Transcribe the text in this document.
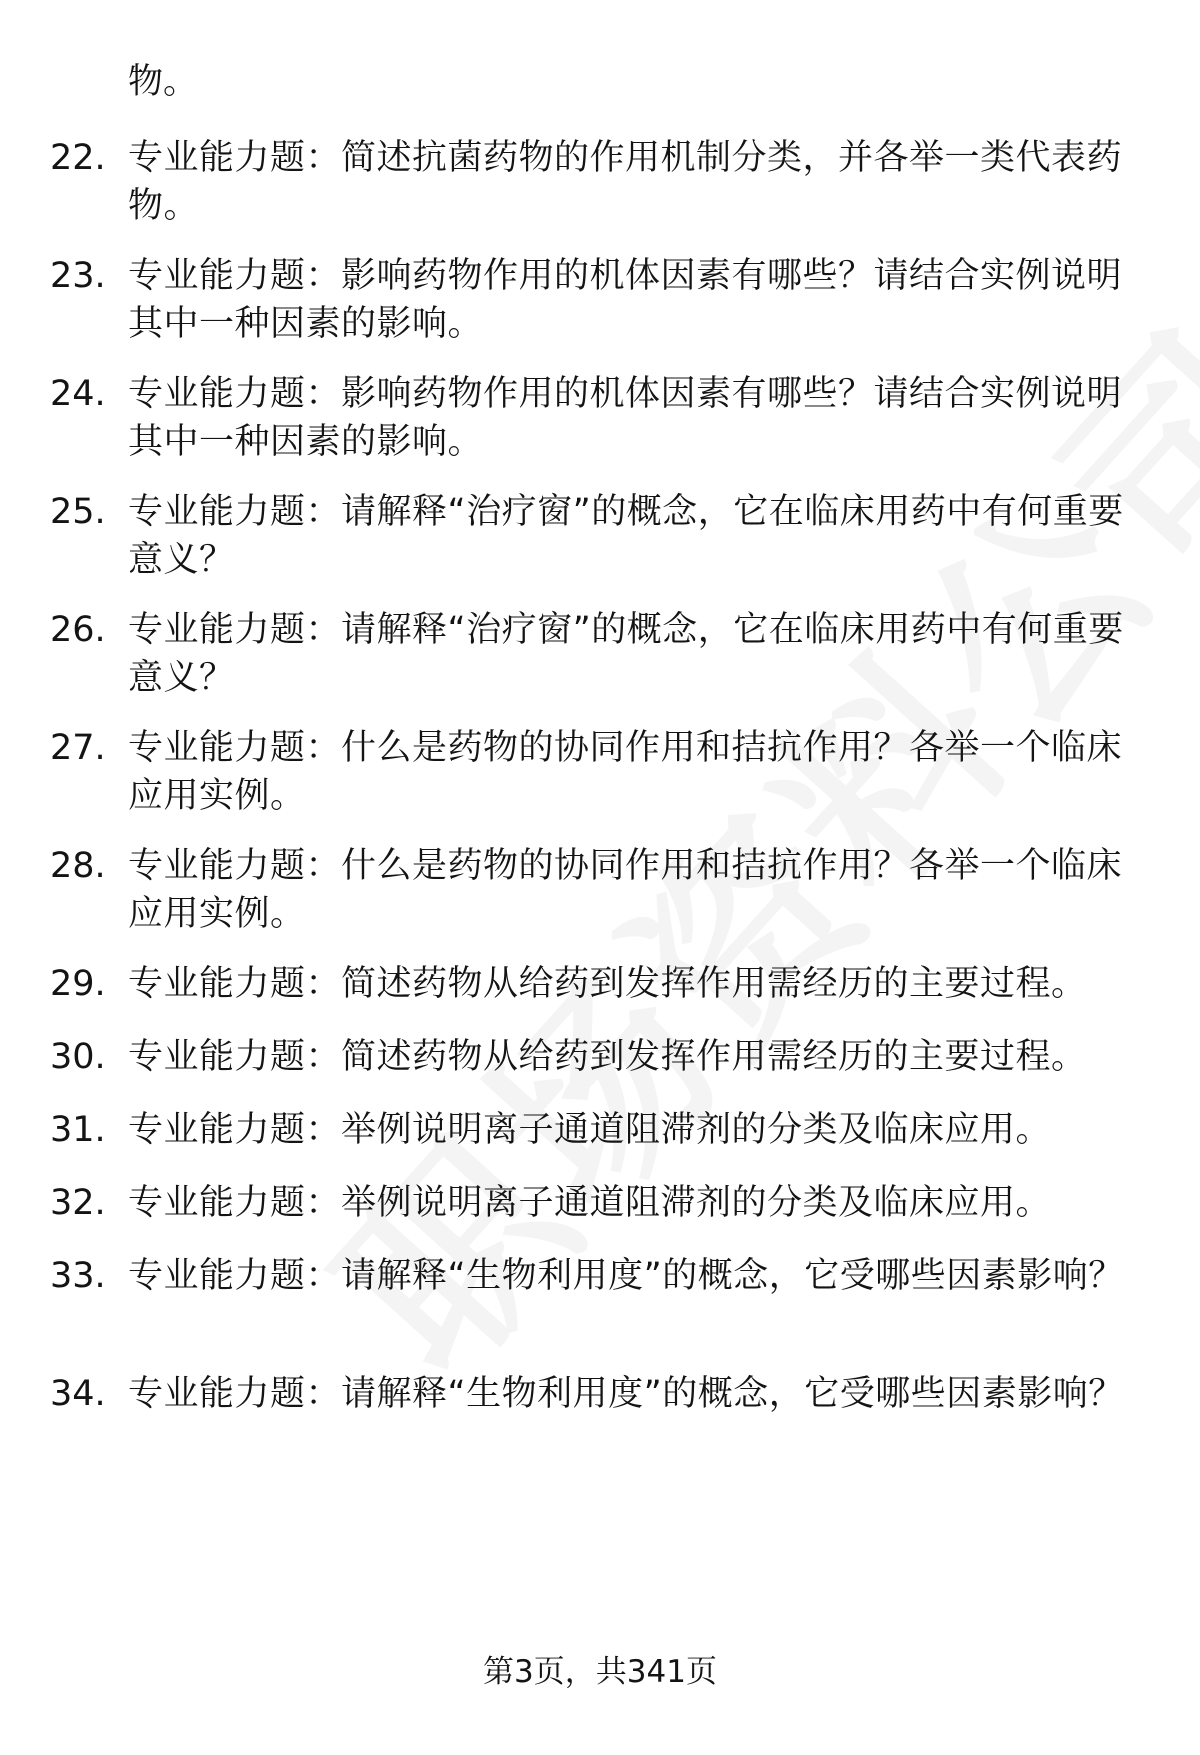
物。

22. 专业能力题：简述抗菌药物的作用机制分类，并各举一类代表药物。
23. 专业能力题：影响药物作用的机体因素有哪些？请结合实例说明其中一种因素的影响。
24. 专业能力题：影响药物作用的机体因素有哪些？请结合实例说明其中一种因素的影响。
25. 专业能力题：请解释“治疗窗”的概念，它在临床用药中有何重要意义？
26. 专业能力题：请解释“治疗窗”的概念，它在临床用药中有何重要意义？
27. 专业能力题：什么是药物的协同作用和拮抗作用？各举一个临床应用实例。
28. 专业能力题：什么是药物的协同作用和拮抗作用？各举一个临床应用实例。
29. 专业能力题：简述药物从给药到发挥作用需经历的主要过程。
30. 专业能力题：简述药物从给药到发挥作用需经历的主要过程。
31. 专业能力题：举例说明离子通道阻滞剂的分类及临床应用。
32. 专业能力题：举例说明离子通道阻滞剂的分类及临床应用。
33. 专业能力题：请解释“生物利用度”的概念，它受哪些因素影响？
34. 专业能力题：请解释“生物利用度”的概念，它受哪些因素影响？
第3页，共341页
